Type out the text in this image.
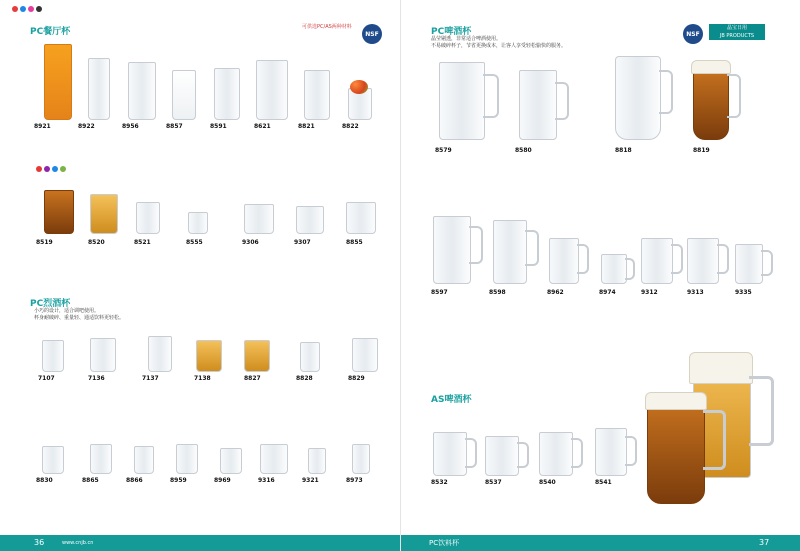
PC餐厅杯	可供选PC/AS两种材料
NSF
8921	8922	8956	8857	8591	8621	8821	8822
8519	8520	8521	8555	9306	9307	8855
PC烈酒杯
小巧的设计，适合调吧使用。
杯身耐破碎、重量轻、通适饮料更轻松。
7107	7136	7137	7138	8827	8828	8829
8830	8865	8866	8959	8969	9316	9321	8973
36	www.cnjb.cn
PC啤酒杯
晶莹剔透，非常适合啤酒使用。
不易破碎杯子，节省更换成本，让客人享受轻松愉快的服务。
NSF
晶宝日用
JB PRODUCTS
8579	8580	8818	8819
8597	8598	8962	8974	9312	9313	9335
AS啤酒杯
8532	8537	8540	8541
PC饮料杯	37
